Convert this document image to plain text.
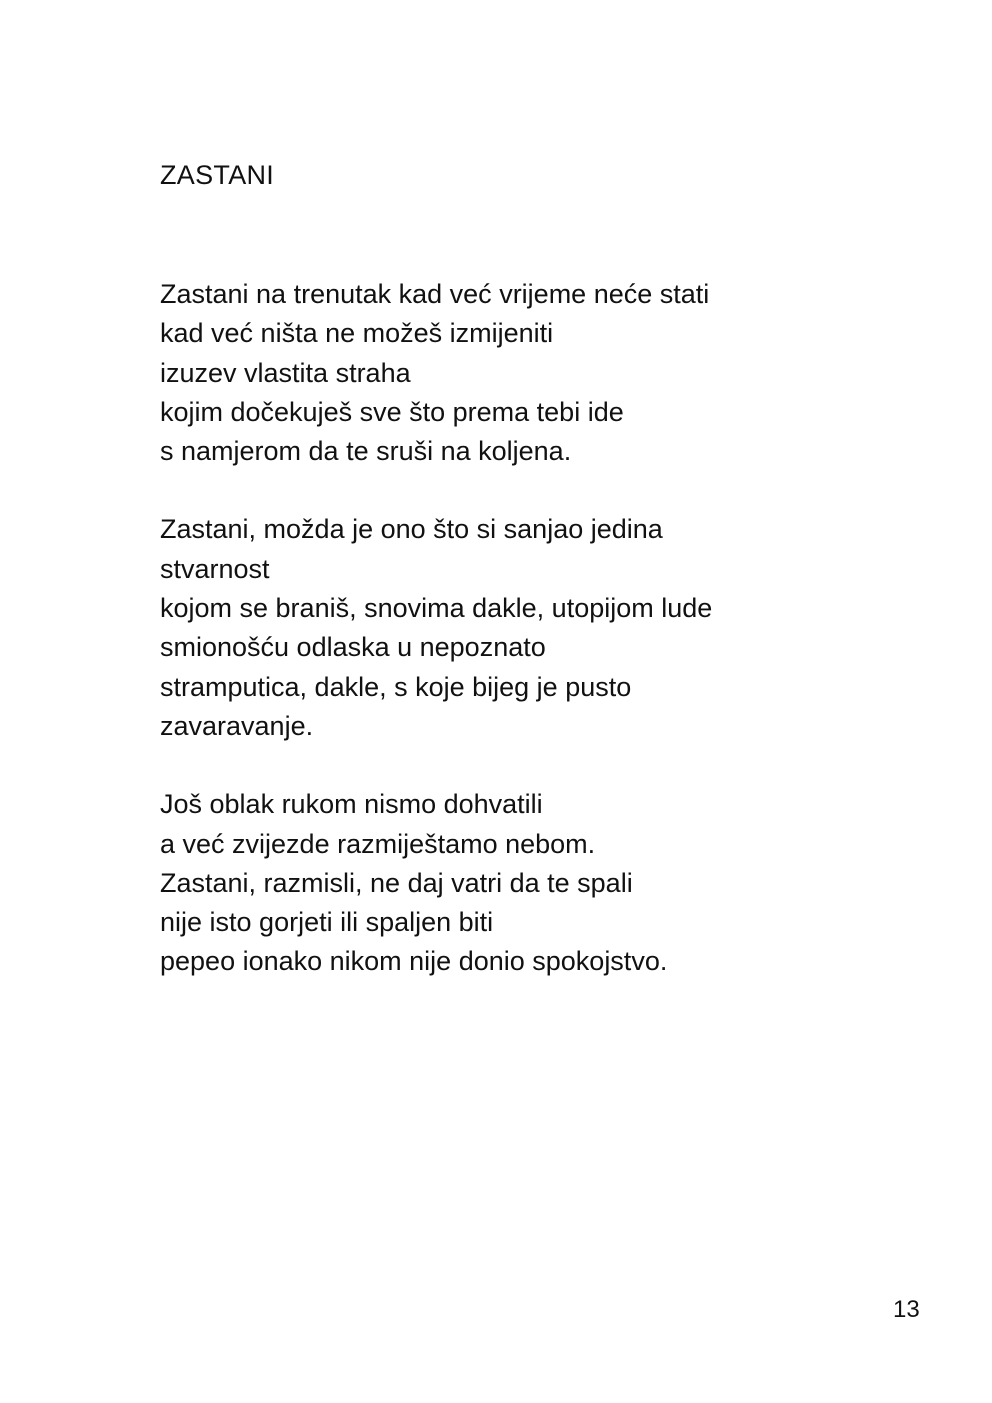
ZASTANI
Zastani na trenutak kad već vrijeme neće stati
kad već ništa ne možeš izmijeniti
izuzev vlastita straha
kojim dočekuješ sve što prema tebi ide
s namjerom da te sruši na koljena.
Zastani, možda je ono što si sanjao jedina
stvarnost
kojom se braniš, snovima dakle, utopijom lude
smionošću odlaska u nepoznato
stramputica, dakle, s koje bijeg je pusto
zavaravanje.
Još oblak rukom nismo dohvatili
a već zvijezde razmiještamo nebom.
Zastani, razmisli, ne daj vatri da te spali
nije isto gorjeti ili spaljen biti
pepeo ionako nikom nije donio spokojstvo.
13
